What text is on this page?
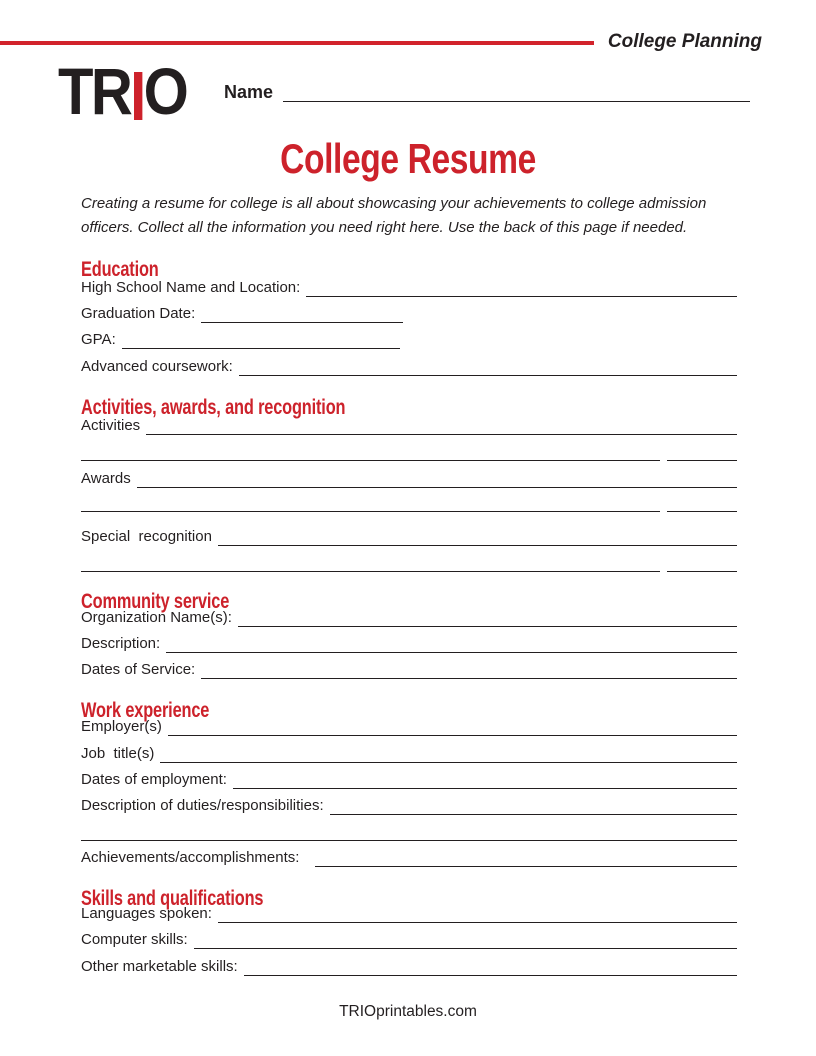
College Planning
TRIO Name
College Resume

Creating a resume for college is all about showcasing your achievements to college admission officers. Collect all the information you need right here. Use the back of this page if needed.

Education
High School Name and Location:
Graduation Date:
GPA:
Advanced coursework:
Activities, awards, and recognition
Activities
Awards
Special  recognition
Community service
Organization Name(s):
Description:
Dates of Service:
Work experience
Employer(s)
Job  title(s)
Dates of employment:
Description of duties/responsibilities:
Achievements/accomplishments:
Skills and qualifications
Languages spoken:
Computer skills:
Other marketable skills:
TRIOprintables.com
